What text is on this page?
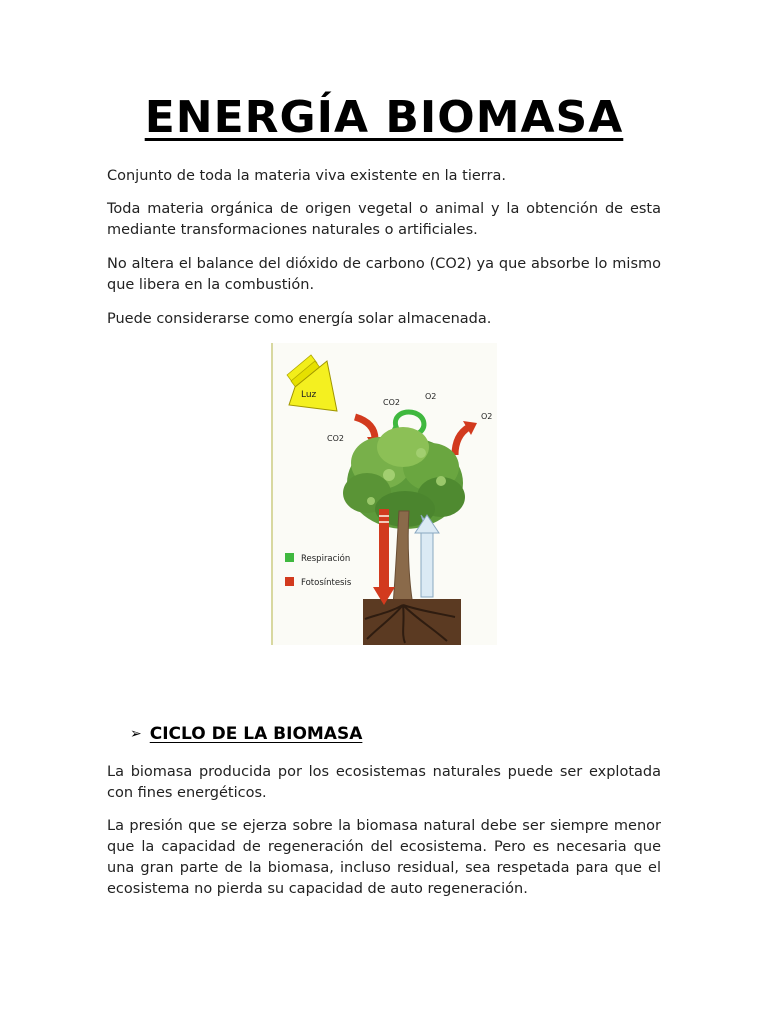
ENERGÍA BIOMASA

Conjunto de toda la materia viva existente en la tierra.

Toda materia orgánica de origen vegetal o animal y la obtención de esta mediante transformaciones naturales o artificiales.

No altera el balance del dióxido de carbono (CO2) ya que absorbe lo mismo que libera en la combustión.

Puede considerarse como energía solar almacenada.

Luz
CO2
O2
CO2
O2
Respiración
Fotosíntesis
➢ CICLO DE LA BIOMASA

La biomasa producida por los ecosistemas naturales puede ser explotada con fines energéticos.

La presión que se ejerza sobre la biomasa natural debe ser siempre menor que la capacidad de regeneración del ecosistema. Pero es necesaria que una gran parte de la biomasa, incluso residual, sea respetada para que el ecosistema no pierda su capacidad de auto regeneración.
